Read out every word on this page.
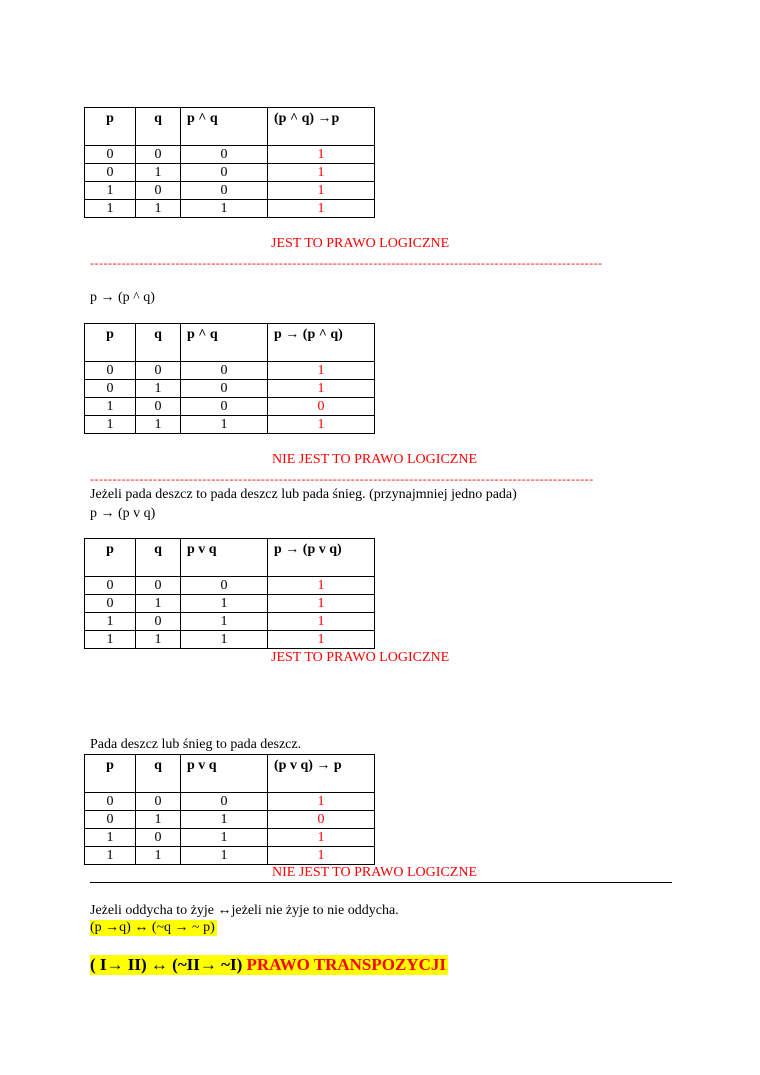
p	q	p ^ q	(p ^ q) →p
0	0	0	1
0	1	0	1
1	0	0	1
1	1	1	1
JEST TO PRAWO LOGICZNE
------------------------------------------------------------------------------------------------------------------
p → (p ^ q)
p	q	p ^ q	p → (p ^ q)
0	0	0	1
0	1	0	1
1	0	0	0
1	1	1	1
NIE JEST TO PRAWO LOGICZNE
----------------------------------------------------------------------------------------------------------------
Jeżeli pada deszcz to pada deszcz lub pada śnieg. (przynajmniej jedno pada)
p → (p v q)
p	q	p v q	p → (p v q)
0	0	0	1
0	1	1	1
1	0	1	1
1	1	1	1
JEST TO PRAWO LOGICZNE
Pada deszcz lub śnieg to pada deszcz.
p	q	p v q	(p v q) → p
0	0	0	1
0	1	1	0
1	0	1	1
1	1	1	1
NIE JEST TO PRAWO LOGICZNE
Jeżeli oddycha to żyje ↔jeżeli nie żyje to nie oddycha.
(p →q) ↔ (~q → ~ p)
( I→ II) ↔ (~II→ ~I) PRAWO TRANSPOZYCJI
